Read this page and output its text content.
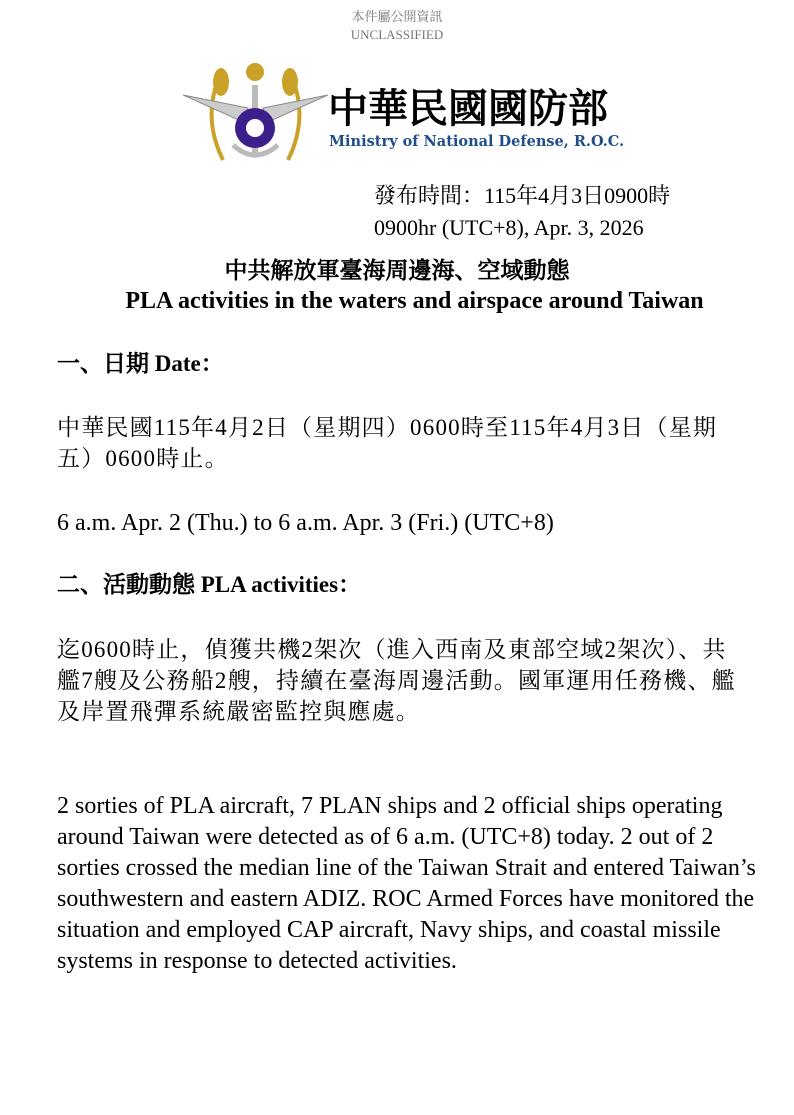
本件屬公開資訊
UNCLASSIFIED
中華民國國防部
Ministry of National Defense, R.O.C.
發布時間：115年4月3日0900時
0900hr (UTC+8), Apr. 3, 2026
中共解放軍臺海周邊海、空域動態
PLA activities in the waters and airspace around Taiwan
一、日期 Date：
中華民國115年4月2日（星期四）0600時至115年4月3日（星期五）0600時止。
6 a.m. Apr. 2 (Thu.) to 6 a.m. Apr. 3 (Fri.) (UTC+8)
二、活動動態 PLA activities：
迄0600時止，偵獲共機2架次（進入西南及東部空域2架次）、共艦7艘及公務船2艘，持續在臺海周邊活動。國軍運用任務機、艦及岸置飛彈系統嚴密監控與應處。
2 sorties of PLA aircraft, 7 PLAN ships and 2 official ships operating around Taiwan were detected as of 6 a.m. (UTC+8) today. 2 out of 2 sorties crossed the median line of the Taiwan Strait and entered Taiwan’s southwestern and eastern ADIZ. ROC Armed Forces have monitored the situation and employed CAP aircraft, Navy ships, and coastal missile systems in response to detected activities.
